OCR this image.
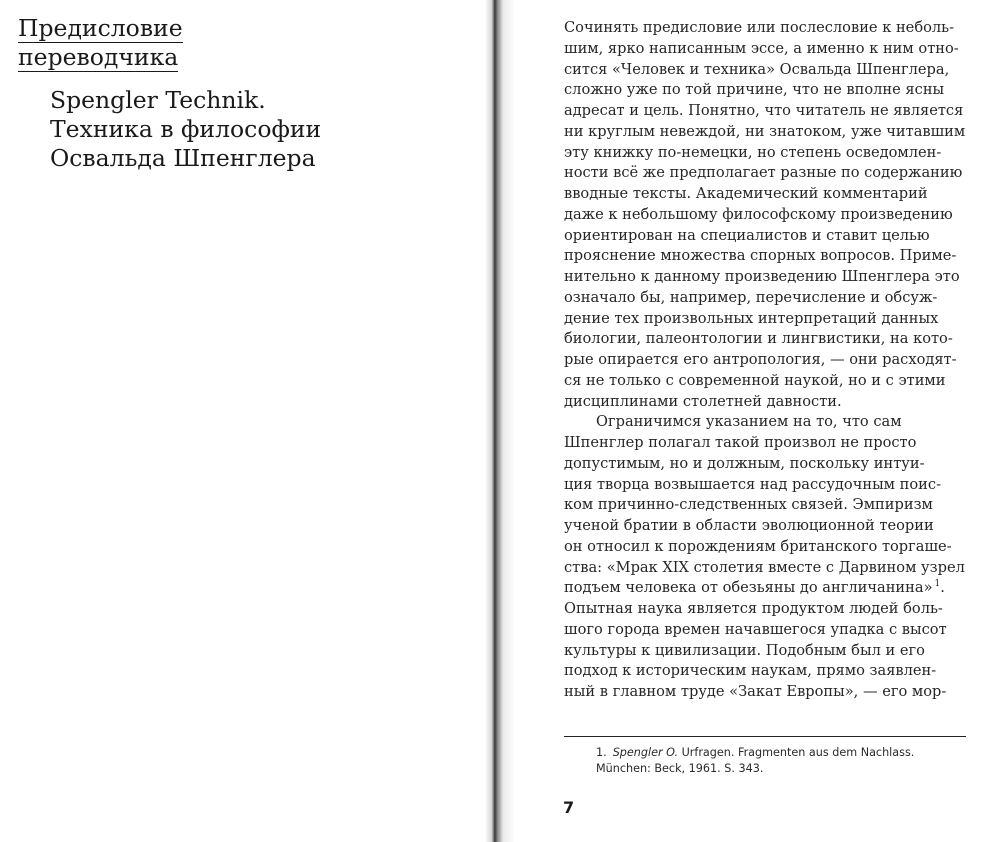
Предисловие
переводчика
Spengler Technik.
Техника в философии
Освальда Шпенглера
Сочинять предисловие или послесловие к неболь-
шим, ярко написанным эссе, а именно к ним отно-
сится «Человек и техника» Освальда Шпенглера,
сложно уже по той причине, что не вполне ясны
адресат и цель. Понятно, что читатель не является
ни круглым невеждой, ни знатоком, уже читавшим
эту книжку по-немецки, но степень осведомлен-
ности всё же предполагает разные по содержанию
вводные тексты. Академический комментарий
даже к небольшому философскому произведению
ориентирован на специалистов и ставит целью
прояснение множества спорных вопросов. Приме-
нительно к данному произведению Шпенглера это
означало бы, например, перечисление и обсуж-
дение тех произвольных интерпретаций данных
биологии, палеонтологии и лингвистики, на кото-
рые опирается его антропология, — они расходят-
ся не только с современной наукой, но и с этими
дисциплинами столетней давности.
Ограничимся указанием на то, что сам
Шпенглер полагал такой произвол не просто
допустимым, но и должным, поскольку интуи-
ция творца возвышается над рассудочным поис-
ком причинно-следственных связей. Эмпиризм
ученой братии в области эволюционной теории
он относил к порождениям британского торгаше-
ства: «Мрак XIX столетия вместе с Дарвином узрел
подъем человека от обезьяны до англичанина» $^1$.
Опытная наука является продуктом людей боль-
шого города времен начавшегося упадка с высот
культуры к цивилизации. Подобным был и его
подход к историческим наукам, прямо заявлен-
ный в главном труде «Закат Европы», — его мор-
1. Spengler O. Urfragen. Fragmenten aus dem Nachlass.
München: Beck, 1961. S. 343.
7
